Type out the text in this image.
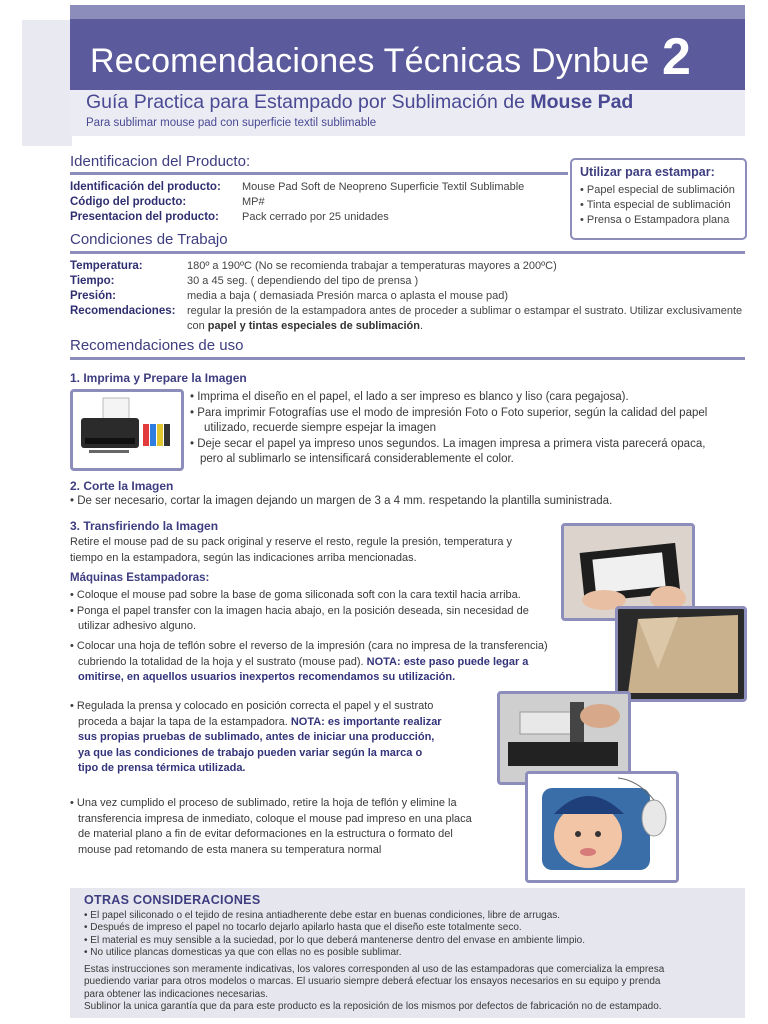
Recomendaciones Técnicas Dynbue 2
Guía Practica para Estampado por Sublimación de Mouse Pad
Para sublimar mouse pad con superficie textil sublimable
Identificacion del Producto:
Identificación del producto: Mouse Pad Soft de Neopreno Superficie Textil Sublimable
Código del producto:	MP#
Presentacion del producto: Pack cerrado por 25 unidades
Utilizar para estampar:
• Papel especial de sublimación
• Tinta especial de sublimación
• Prensa o Estampadora plana
Condiciones de Trabajo
Temperatura:	180º a 190ºC (No se recomienda trabajar a temperaturas mayores a 200ºC)
Tiempo:	30 a 45 seg. ( dependiendo del tipo de prensa )
Presión:	media a baja ( demasiada Presión marca o aplasta el mouse pad)
Recomendaciones: regular la presión de la estampadora antes de proceder a sublimar o estampar el sustrato. Utilizar exclusivamente
con papel y tintas especiales de sublimación.
Recomendaciones de uso
1. Imprima y Prepare la Imagen
• Imprima el diseño en el papel, el lado a ser impreso es blanco y liso (cara pegajosa).
• Para imprimir Fotografías use el modo de impresión Foto o Foto superior, según la calidad del papel
utilizado, recuerde siempre espejar la imagen
• Deje secar el papel ya impreso unos segundos. La imagen impresa a primera vista parecerá opaca,
pero al sublimarlo se intensificará considerablemente el color.
2. Corte la Imagen
• De ser necesario, cortar la imagen dejando un margen de 3 a 4 mm. respetando la plantilla suministrada.
3. Transfiriendo la Imagen
Retire el mouse pad de su pack original y reserve el resto, regule la presión, temperatura y
tiempo en la estampadora, según las indicaciones arriba mencionadas.
Máquinas Estampadoras:
• Coloque el mouse pad sobre la base de goma siliconada soft con la cara textil hacia arriba.
• Ponga el papel transfer con la imagen hacia abajo, en la posición deseada, sin necesidad de
utilizar adhesivo alguno.
• Colocar una hoja de teflón sobre el reverso de la impresión (cara no impresa de la transferencia)
cubriendo la totalidad de la hoja y el sustrato (mouse pad). NOTA: este paso puede legar a
omitirse, en aquellos usuarios inexpertos recomendamos su utilización.
• Regulada la prensa y colocado en posición correcta el papel y el sustrato
proceda a bajar la tapa de la estampadora. NOTA: es importante realizar
sus propias pruebas de sublimado, antes de iniciar una producción,
ya que las condiciones de trabajo pueden variar según la marca o
tipo de prensa térmica utilizada.
• Una vez cumplido el proceso de sublimado, retire la hoja de teflón y elimine la
transferencia impresa de inmediato, coloque el mouse pad impreso en una placa
de material plano a fin de evitar deformaciones en la estructura o formato del
mouse pad retomando de esta manera su temperatura normal
OTRAS CONSIDERACIONES
• El papel siliconado o el tejido de resina antiadherente debe estar en buenas condiciones, libre de arrugas.
• Después de impreso el papel no tocarlo dejarlo apilarlo hasta que el diseño este totalmente seco.
• El material es muy sensible a la suciedad, por lo que deberá mantenerse dentro del envase en ambiente limpio.
• No utilice plancas domesticas ya que con ellas no es posible sublimar.
Estas instrucciones son meramente indicativas, los valores corresponden al uso de las estampadoras que comercializa la empresa
puediendo variar para otros modelos o marcas. El usuario siempre deberá efectuar los ensayos necesarios en su equipo y prenda
para obtener las indicaciones necesarias.
Sublinor la unica garantía que da para este producto es la reposición de los mismos por defectos de fabricación no de estampado.
